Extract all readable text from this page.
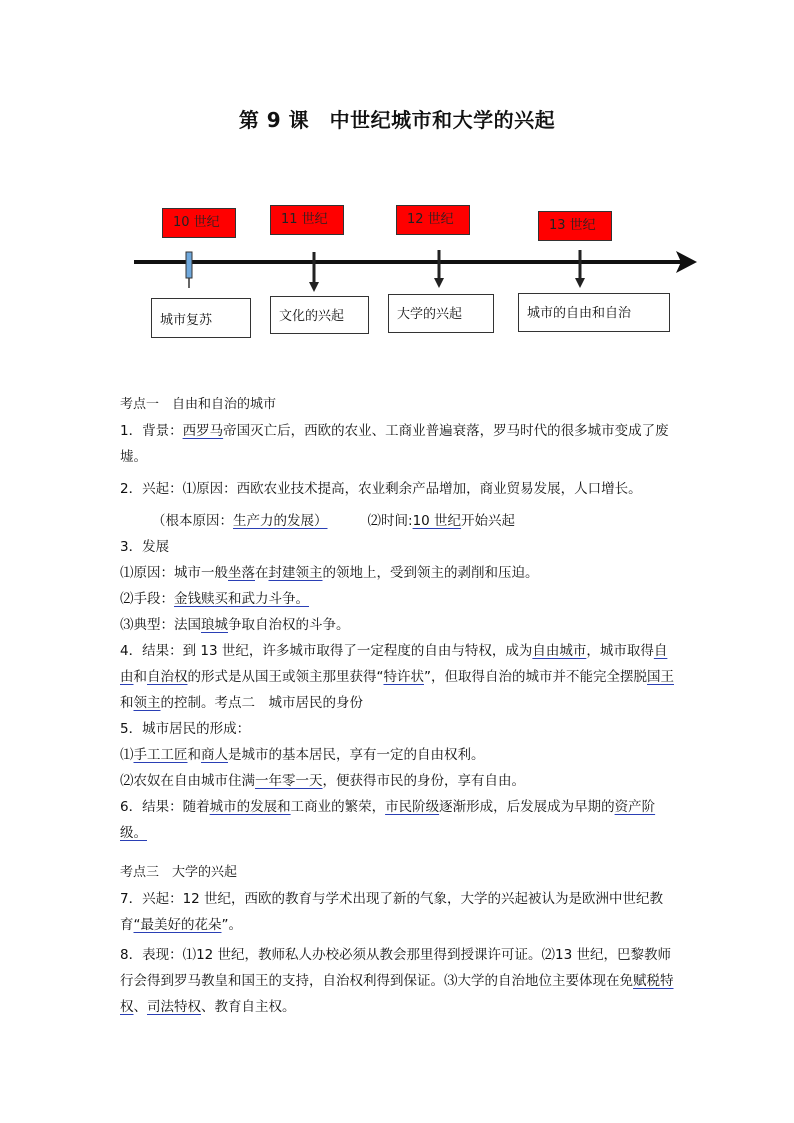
第 9 课　中世纪城市和大学的兴起
10 世纪	11 世纪	12 世纪	13 世纪
城市复苏	文化的兴起	大学的兴起	城市的自由和自治
考点一　自由和自治的城市
1．背景：西罗马帝国灭亡后，西欧的农业、工商业普遍衰落，罗马时代的很多城市变成了废墟。
2．兴起：⑴原因：西欧农业技术提高，农业剩余产品增加，商业贸易发展，人口增长。
（根本原因：生产力的发展）	⑵时间:10 世纪开始兴起
3．发展
⑴原因：城市一般坐落在封建领主的领地上，受到领主的剥削和压迫。
⑵手段：金钱赎买和武力斗争。
⑶典型：法国琅城争取自治权的斗争。
4．结果：到 13 世纪，许多城市取得了一定程度的自由与特权，成为自由城市，城市取得自由和自治权的形式是从国王或领主那里获得“特许状”，但取得自治的城市并不能完全摆脱国王和领主的控制。考点二　城市居民的身份
5．城市居民的形成：
⑴手工工匠和商人是城市的基本居民，享有一定的自由权利。
⑵农奴在自由城市住满一年零一天，便获得市民的身份，享有自由。
6．结果：随着城市的发展和工商业的繁荣，市民阶级逐渐形成，后发展成为早期的资产阶级。
考点三　大学的兴起
7．兴起：12 世纪，西欧的教育与学术出现了新的气象，大学的兴起被认为是欧洲中世纪教育“最美好的花朵”。
8．表现：⑴12 世纪，教师私人办校必须从教会那里得到授课许可证。⑵13 世纪，巴黎教师行会得到罗马教皇和国王的支持，自治权利得到保证。⑶大学的自治地位主要体现在免赋税特权、司法特权、教育自主权。
